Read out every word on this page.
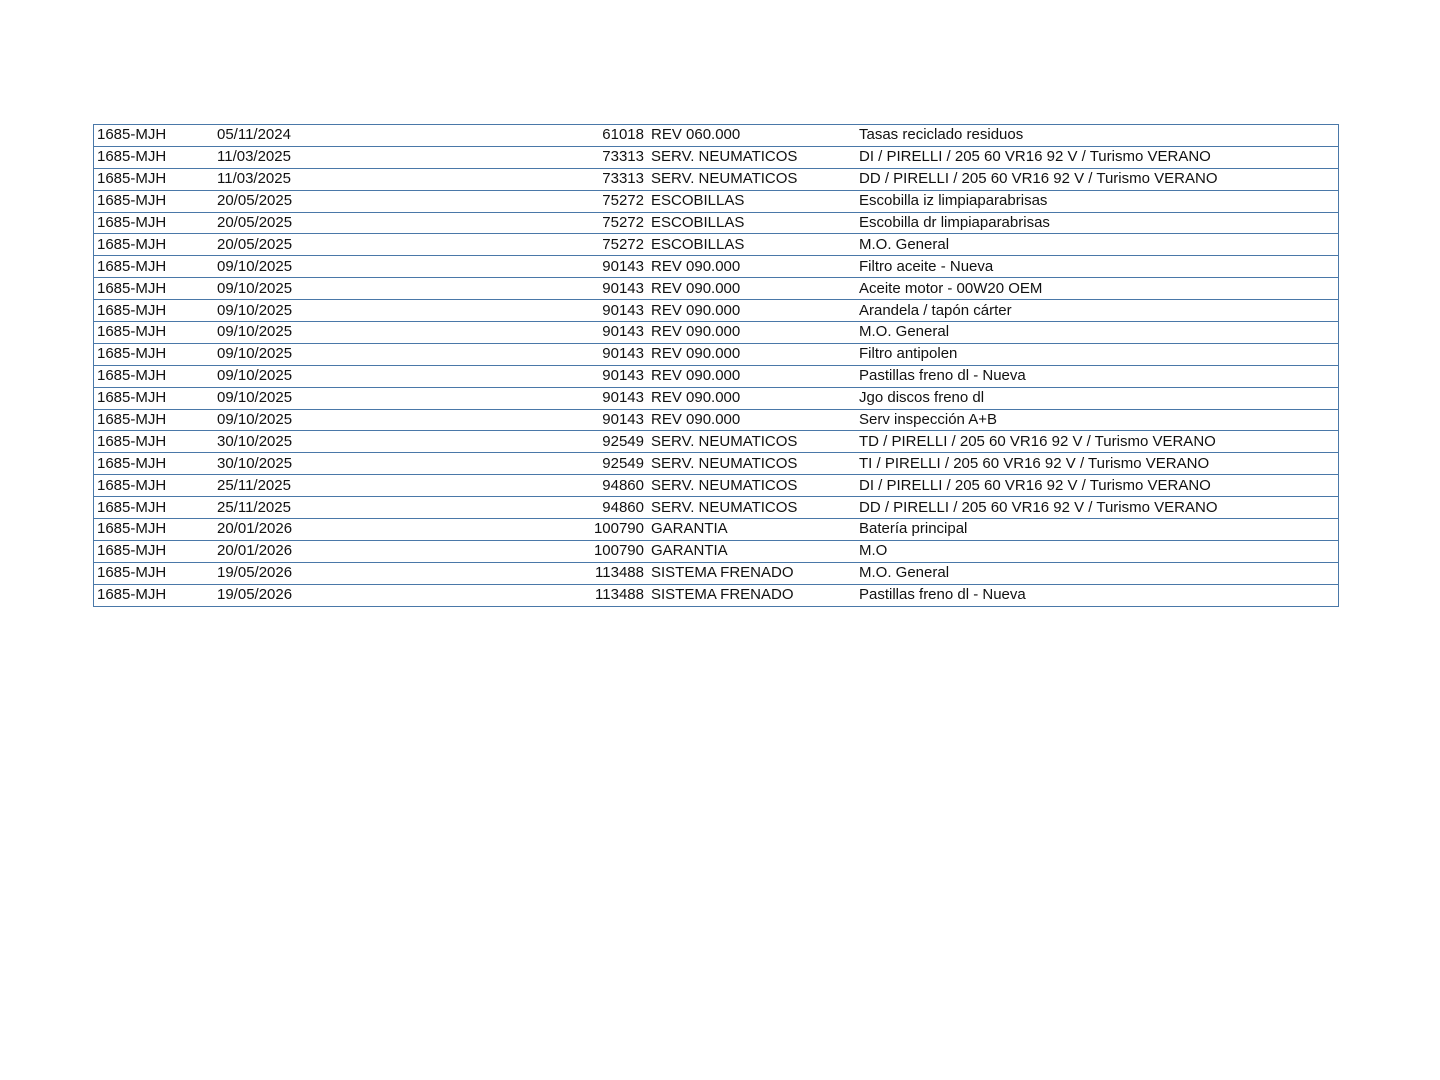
1685-MJH	05/11/2024	61018	REV 060.000	Tasas reciclado residuos
1685-MJH	11/03/2025	73313	SERV. NEUMATICOS	DI / PIRELLI / 205 60 VR16 92 V / Turismo VERANO
1685-MJH	11/03/2025	73313	SERV. NEUMATICOS	DD / PIRELLI / 205 60 VR16 92 V / Turismo VERANO
1685-MJH	20/05/2025	75272	ESCOBILLAS	Escobilla iz limpiaparabrisas
1685-MJH	20/05/2025	75272	ESCOBILLAS	Escobilla dr limpiaparabrisas
1685-MJH	20/05/2025	75272	ESCOBILLAS	M.O. General
1685-MJH	09/10/2025	90143	REV 090.000	Filtro aceite - Nueva
1685-MJH	09/10/2025	90143	REV 090.000	Aceite motor - 00W20 OEM
1685-MJH	09/10/2025	90143	REV 090.000	Arandela / tapón cárter
1685-MJH	09/10/2025	90143	REV 090.000	M.O. General
1685-MJH	09/10/2025	90143	REV 090.000	Filtro antipolen
1685-MJH	09/10/2025	90143	REV 090.000	Pastillas freno dl - Nueva
1685-MJH	09/10/2025	90143	REV 090.000	Jgo discos freno dl
1685-MJH	09/10/2025	90143	REV 090.000	Serv inspección A+B
1685-MJH	30/10/2025	92549	SERV. NEUMATICOS	TD / PIRELLI / 205 60 VR16 92 V / Turismo VERANO
1685-MJH	30/10/2025	92549	SERV. NEUMATICOS	TI / PIRELLI / 205 60 VR16 92 V / Turismo VERANO
1685-MJH	25/11/2025	94860	SERV. NEUMATICOS	DI / PIRELLI / 205 60 VR16 92 V / Turismo VERANO
1685-MJH	25/11/2025	94860	SERV. NEUMATICOS	DD / PIRELLI / 205 60 VR16 92 V / Turismo VERANO
1685-MJH	20/01/2026	100790	GARANTIA	Batería principal
1685-MJH	20/01/2026	100790	GARANTIA	M.O
1685-MJH	19/05/2026	113488	SISTEMA FRENADO	M.O. General
1685-MJH	19/05/2026	113488	SISTEMA FRENADO	Pastillas freno dl - Nueva
